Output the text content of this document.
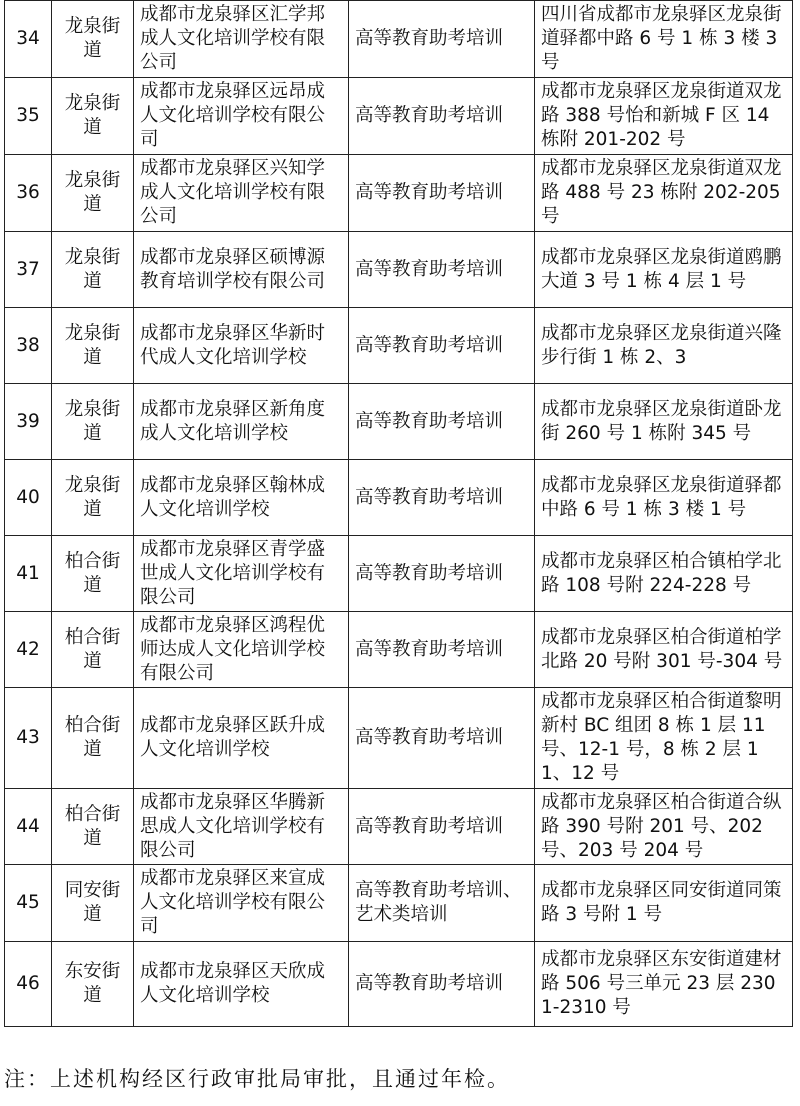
34	龙泉街道	成都市龙泉驿区汇学邦成人文化培训学校有限公司	高等教育助考培训	四川省成都市龙泉驿区龙泉街道驿都中路 6 号 1 栋 3 楼 3 号
35	龙泉街道	成都市龙泉驿区远昂成人文化培训学校有限公司	高等教育助考培训	成都市龙泉驿区龙泉街道双龙路 388 号怡和新城 F 区 14 栋附 201-202 号
36	龙泉街道	成都市龙泉驿区兴知学成人文化培训学校有限公司	高等教育助考培训	成都市龙泉驿区龙泉街道双龙路 488 号 23 栋附 202-205 号
37	龙泉街道	成都市龙泉驿区硕博源教育培训学校有限公司	高等教育助考培训	成都市龙泉驿区龙泉街道鸥鹏大道 3 号 1 栋 4 层 1 号
38	龙泉街道	成都市龙泉驿区华新时代成人文化培训学校	高等教育助考培训	成都市龙泉驿区龙泉街道兴隆步行街 1 栋 2、3
39	龙泉街道	成都市龙泉驿区新角度成人文化培训学校	高等教育助考培训	成都市龙泉驿区龙泉街道卧龙街 260 号 1 栋附 345 号
40	龙泉街道	成都市龙泉驿区翰林成人文化培训学校	高等教育助考培训	成都市龙泉驿区龙泉街道驿都中路 6 号 1 栋 3 楼 1 号
41	柏合街道	成都市龙泉驿区青学盛世成人文化培训学校有限公司	高等教育助考培训	成都市龙泉驿区柏合镇柏学北路 108 号附 224-228 号
42	柏合街道	成都市龙泉驿区鸿程优师达成人文化培训学校有限公司	高等教育助考培训	成都市龙泉驿区柏合街道柏学北路 20 号附 301 号-304 号
43	柏合街道	成都市龙泉驿区跃升成人文化培训学校	高等教育助考培训	成都市龙泉驿区柏合街道黎明新村 BC 组团 8 栋 1 层 11 号、12-1 号，8 栋 2 层 11、12 号
44	柏合街道	成都市龙泉驿区华腾新思成人文化培训学校有限公司	高等教育助考培训	成都市龙泉驿区柏合街道合纵路 390 号附 201 号、202 号、203 号 204 号
45	同安街道	成都市龙泉驿区来宣成人文化培训学校有限公司	高等教育助考培训、艺术类培训	成都市龙泉驿区同安街道同策路 3 号附 1 号
46	东安街道	成都市龙泉驿区天欣成人文化培训学校	高等教育助考培训	成都市龙泉驿区东安街道建材路 506 号三单元 23 层 2301-2310 号
注：上述机构经区行政审批局审批，且通过年检。
